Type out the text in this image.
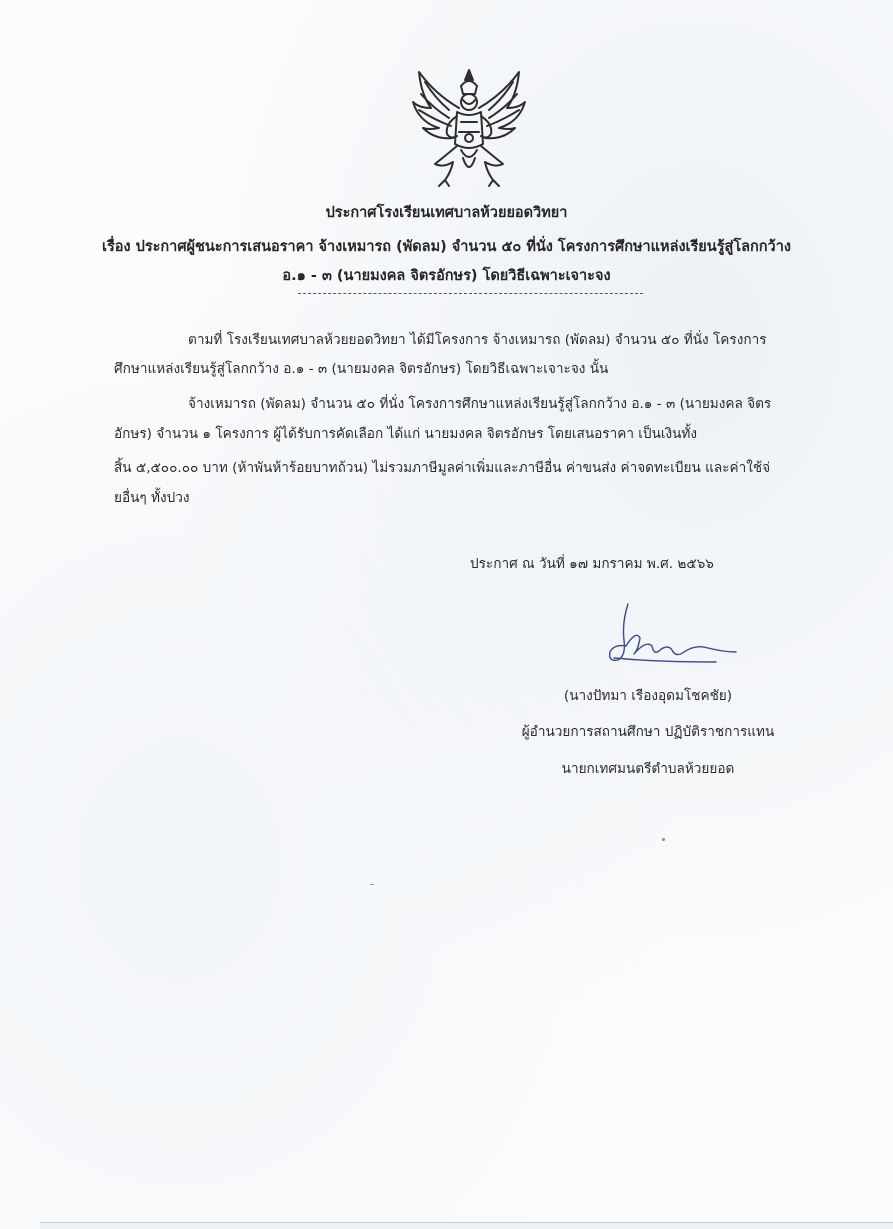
ประกาศโรงเรียนเทศบาลห้วยยอดวิทยา
เรื่อง ประกาศผู้ชนะการเสนอราคา จ้างเหมารถ (พัดลม) จำนวน ๕๐ ที่นั่ง โครงการศึกษาแหล่งเรียนรู้สู่โลกกว้าง
อ.๑ - ๓ (นายมงคล จิตรอักษร) โดยวิธีเฉพาะเจาะจง
ตามที่ โรงเรียนเทศบาลห้วยยอดวิทยา ได้มีโครงการ จ้างเหมารถ (พัดลม) จำนวน ๕๐ ที่นั่ง โครงการ
ศึกษาแหล่งเรียนรู้สู่โลกกว้าง อ.๑ - ๓ (นายมงคล จิตรอักษร) โดยวิธีเฉพาะเจาะจง นั้น
จ้างเหมารถ (พัดลม) จำนวน ๕๐ ที่นั่ง โครงการศึกษาแหล่งเรียนรู้สู่โลกกว้าง อ.๑ - ๓ (นายมงคล จิตร
อักษร) จำนวน ๑ โครงการ ผู้ได้รับการคัดเลือก ได้แก่ นายมงคล จิตรอักษร โดยเสนอราคา เป็นเงินทั้ง
สิ้น ๕,๕๐๐.๐๐ บาท (ห้าพันห้าร้อยบาทถ้วน) ไม่รวมภาษีมูลค่าเพิ่มและภาษีอื่น ค่าขนส่ง ค่าจดทะเบียน และค่าใช้จ่
ยอื่นๆ ทั้งปวง
ประกาศ ณ วันที่ ๑๗ มกราคม พ.ศ. ๒๕๖๖
(นางปัทมา เรืองอุดมโชคชัย)
ผู้อำนวยการสถานศึกษา ปฏิบัติราชการแทน
นายกเทศมนตรีตำบลห้วยยอด
